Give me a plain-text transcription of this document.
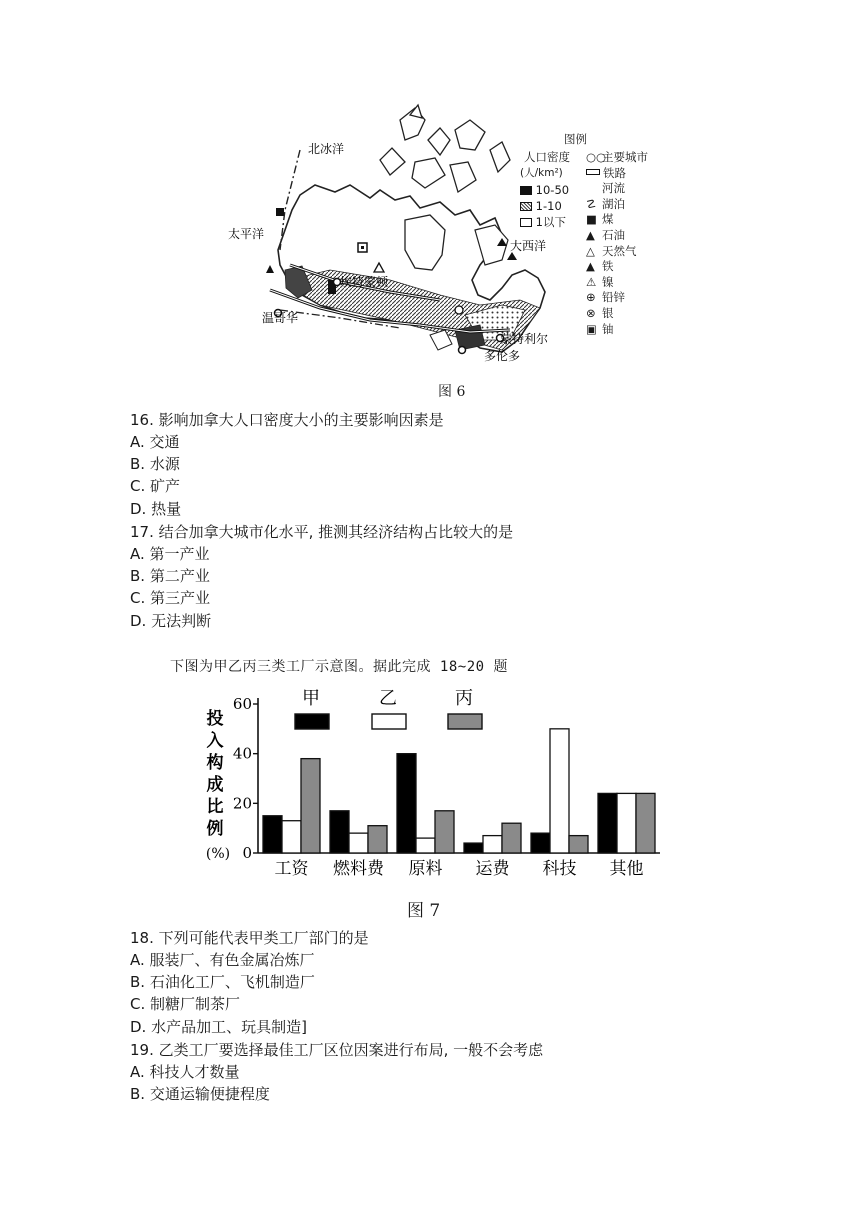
北冰洋
太平洋
大西洋
埃特蒙顿
温哥华
蒙特利尔
多伦多
图例
人口密度
(人/km²)
10-50
1-10
1以下
○○主要城市
铁路
河流
☡ 湖泊
■ 煤
▲ 石油
△ 天然气
▲ 铁
⚠ 镍
⊕ 铅锌
⊗ 银
▣ 铀
图 6
16. 影响加拿大人口密度大小的主要影响因素是
A. 交通
B. 水源
C. 矿产
D. 热量
17. 结合加拿大城市化水平, 推测其经济结构占比较大的是
A. 第一产业
B. 第二产业
C. 第三产业
D. 无法判断
下图为甲乙丙三类工厂示意图。据此完成 18~20 题
投
入
构
成
比
例
(%) 0
20
40
60	甲	乙	丙
工资 燃料费 原料 运费 科技 其他
图 7
18. 下列可能代表甲类工厂部门的是
A. 服装厂、有色金属冶炼厂
B. 石油化工厂、飞机制造厂
C. 制糖厂制茶厂
D. 水产品加工、玩具制造]
19. 乙类工厂要选择最佳工厂区位因案进行布局, 一般不会考虑
A. 科技人才数量
B. 交通运输便捷程度
